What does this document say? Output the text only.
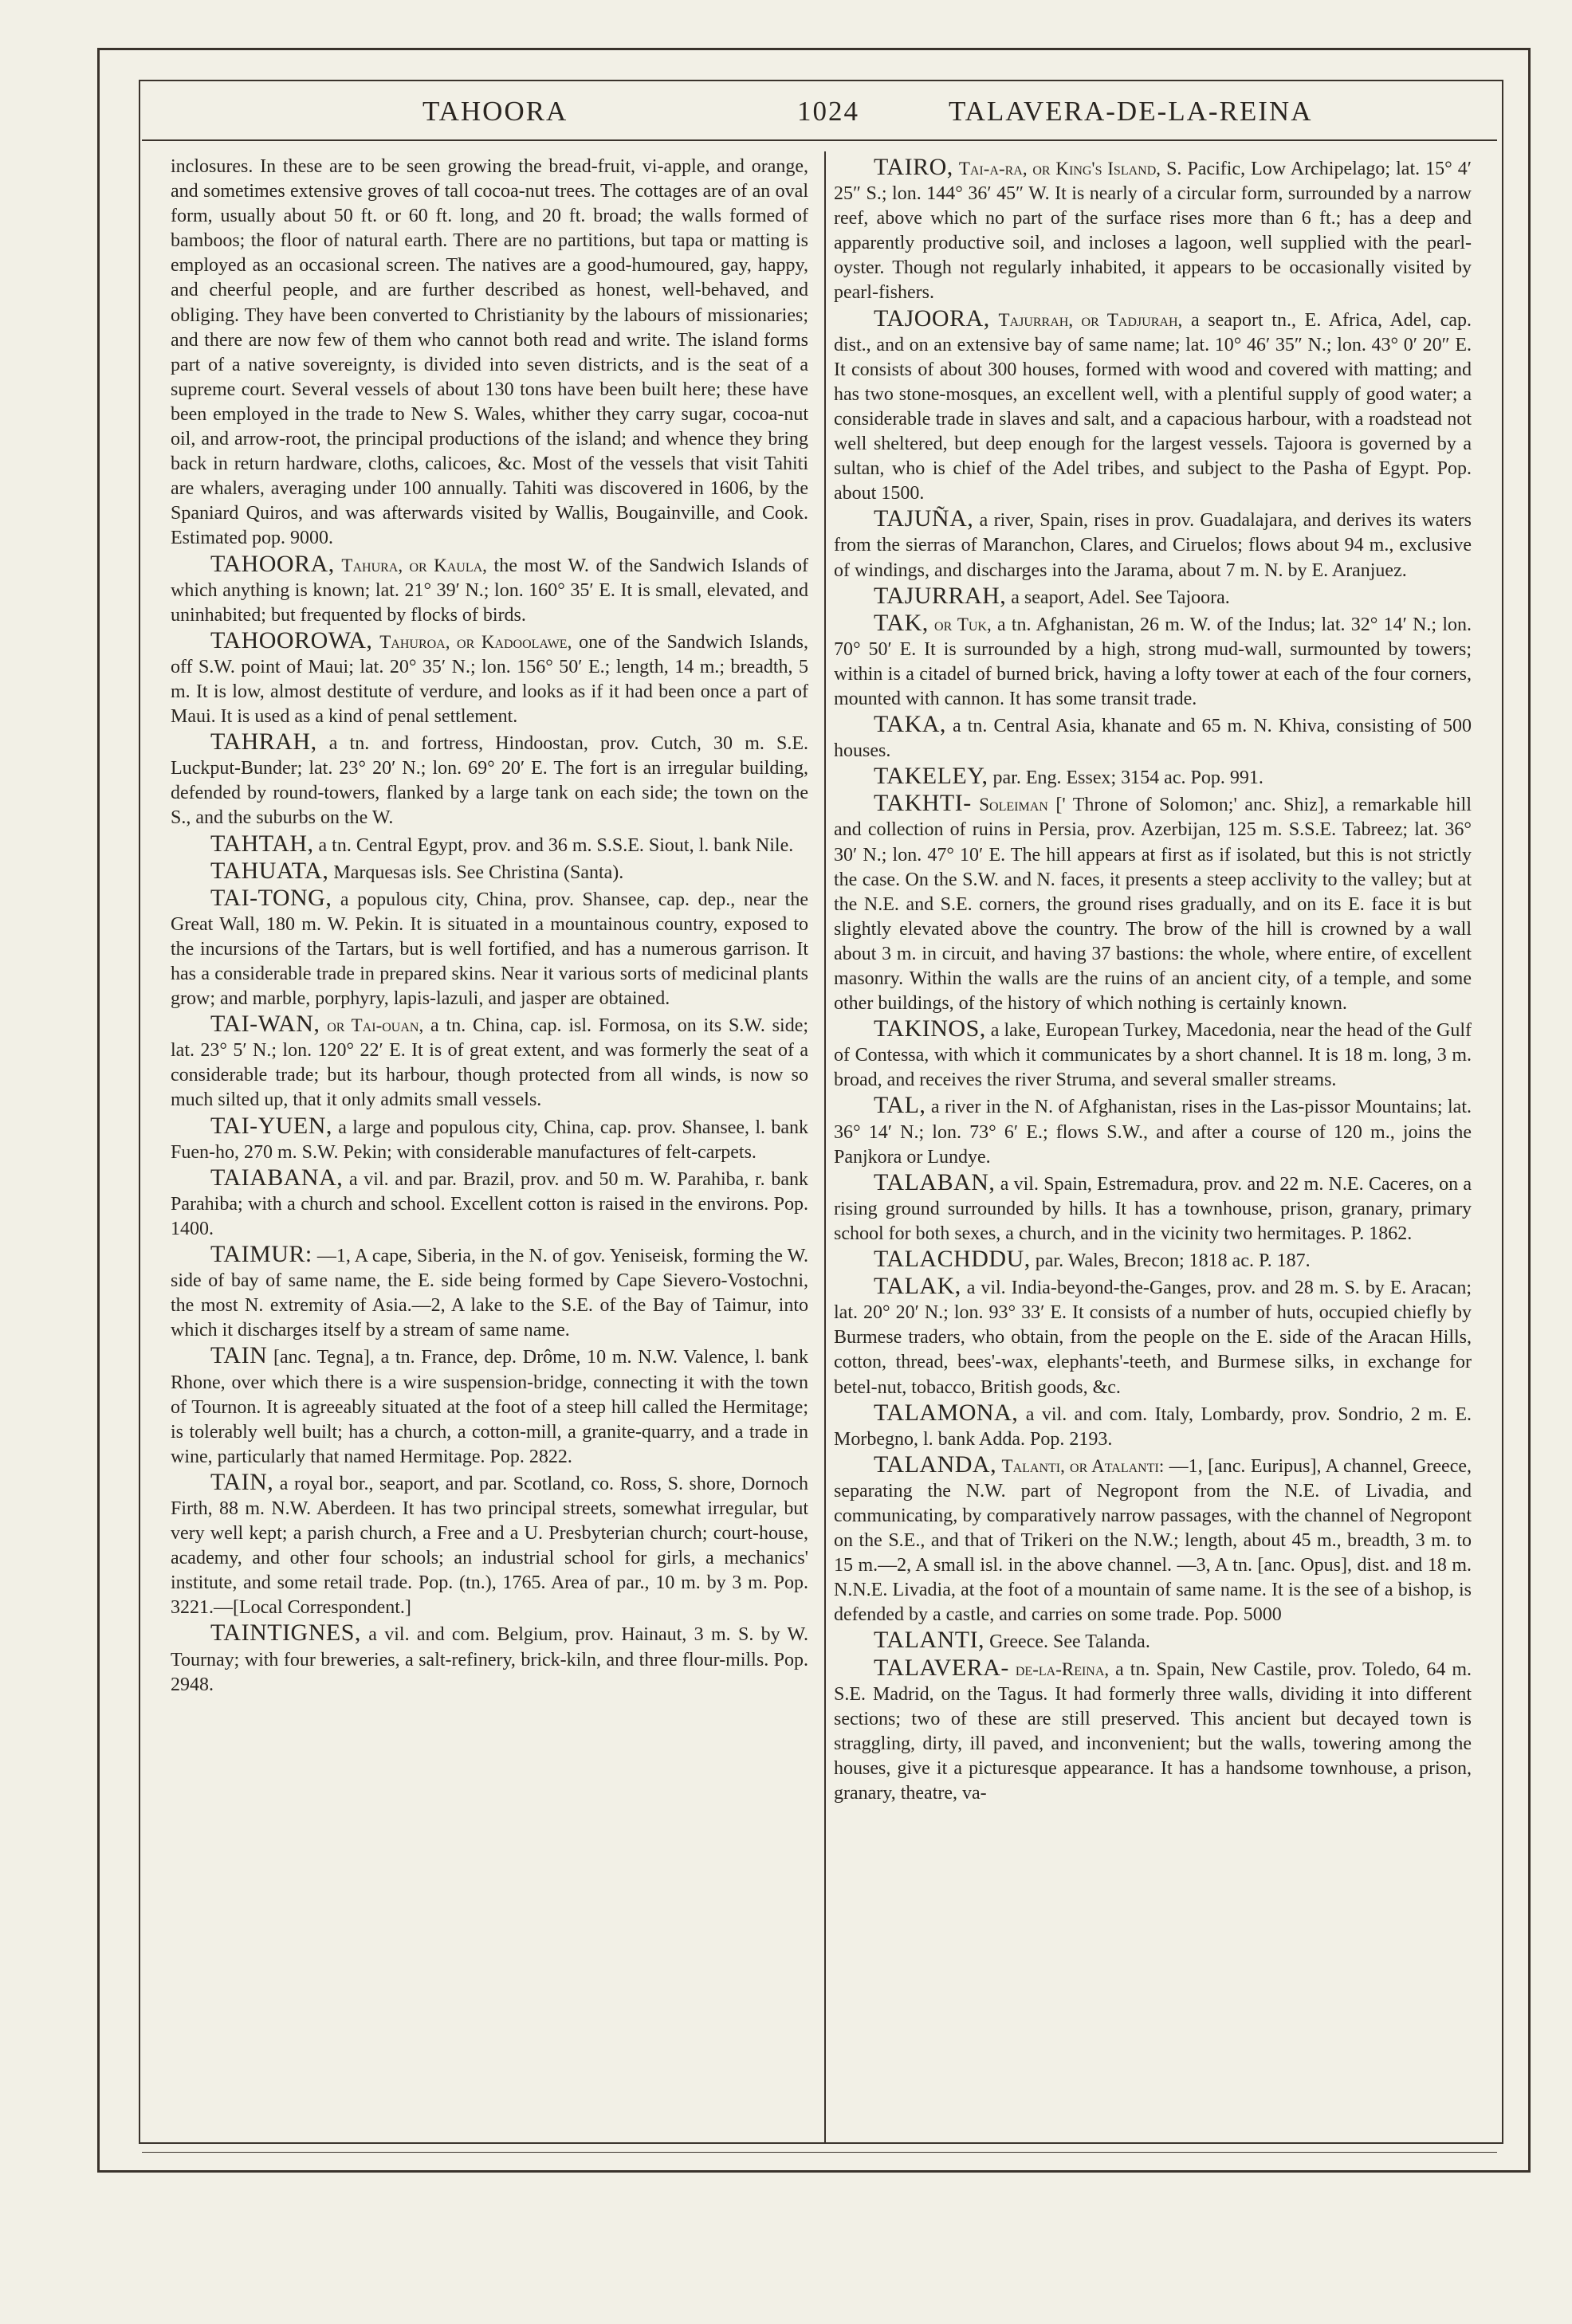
TAHOORA	1024	TALAVERA-DE-LA-REINA

inclosures. In these are to be seen growing the bread-fruit, vi-apple, and orange, and sometimes extensive groves of tall cocoa-nut trees. The cottages are of an oval form, usually about 50 ft. or 60 ft. long, and 20 ft. broad; the walls formed of bamboos; the floor of natural earth. There are no partitions, but tapa or matting is employed as an occasional screen. The natives are a good-humoured, gay, happy, and cheerful people, and are further described as honest, well-behaved, and obliging. They have been converted to Christianity by the labours of missionaries; and there are now few of them who cannot both read and write. The island forms part of a native sovereignty, is divided into seven districts, and is the seat of a supreme court. Several vessels of about 130 tons have been built here; these have been employed in the trade to New S. Wales, whither they carry sugar, cocoa-nut oil, and arrow-root, the principal productions of the island; and whence they bring back in return hardware, cloths, calicoes, &c. Most of the vessels that visit Tahiti are whalers, averaging under 100 annually. Tahiti was discovered in 1606, by the Spaniard Quiros, and was afterwards visited by Wallis, Bougainville, and Cook. Estimated pop. 9000.

TAHOORA, Tahura, or Kaula, the most W. of the Sandwich Islands of which anything is known; lat. 21° 39′ N.; lon. 160° 35′ E. It is small, elevated, and uninhabited; but frequented by flocks of birds.

TAHOOROWA, Tahuroa, or Kadoolawe, one of the Sandwich Islands, off S.W. point of Maui; lat. 20° 35′ N.; lon. 156° 50′ E.; length, 14 m.; breadth, 5 m. It is low, almost destitute of verdure, and looks as if it had been once a part of Maui. It is used as a kind of penal settlement.

TAHRAH, a tn. and fortress, Hindoostan, prov. Cutch, 30 m. S.E. Luckput-Bunder; lat. 23° 20′ N.; lon. 69° 20′ E. The fort is an irregular building, defended by round-towers, flanked by a large tank on each side; the town on the S., and the suburbs on the W.

TAHTAH, a tn. Central Egypt, prov. and 36 m. S.S.E. Siout, l. bank Nile.

TAHUATA, Marquesas isls. See Christina (Santa).

TAI-TONG, a populous city, China, prov. Shansee, cap. dep., near the Great Wall, 180 m. W. Pekin. It is situated in a mountainous country, exposed to the incursions of the Tartars, but is well fortified, and has a numerous garrison. It has a considerable trade in prepared skins. Near it various sorts of medicinal plants grow; and marble, porphyry, lapis-lazuli, and jasper are obtained.

TAI-WAN, or Tai-ouan, a tn. China, cap. isl. Formosa, on its S.W. side; lat. 23° 5′ N.; lon. 120° 22′ E. It is of great extent, and was formerly the seat of a considerable trade; but its harbour, though protected from all winds, is now so much silted up, that it only admits small vessels.

TAI-YUEN, a large and populous city, China, cap. prov. Shansee, l. bank Fuen-ho, 270 m. S.W. Pekin; with considerable manufactures of felt-carpets.

TAIABANA, a vil. and par. Brazil, prov. and 50 m. W. Parahiba, r. bank Parahiba; with a church and school. Excellent cotton is raised in the environs. Pop. 1400.

TAIMUR: —1, A cape, Siberia, in the N. of gov. Yeniseisk, forming the W. side of bay of same name, the E. side being formed by Cape Sievero-Vostochni, the most N. extremity of Asia.—2, A lake to the S.E. of the Bay of Taimur, into which it discharges itself by a stream of same name.

TAIN [anc. Tegna], a tn. France, dep. Drôme, 10 m. N.W. Valence, l. bank Rhone, over which there is a wire suspension-bridge, connecting it with the town of Tournon. It is agreeably situated at the foot of a steep hill called the Hermitage; is tolerably well built; has a church, a cotton-mill, a granite-quarry, and a trade in wine, particularly that named Hermitage. Pop. 2822.

TAIN, a royal bor., seaport, and par. Scotland, co. Ross, S. shore, Dornoch Firth, 88 m. N.W. Aberdeen. It has two principal streets, somewhat irregular, but very well kept; a parish church, a Free and a U. Presbyterian church; court-house, academy, and other four schools; an industrial school for girls, a mechanics' institute, and some retail trade. Pop. (tn.), 1765. Area of par., 10 m. by 3 m. Pop. 3221.—[Local Correspondent.]

TAINTIGNES, a vil. and com. Belgium, prov. Hainaut, 3 m. S. by W. Tournay; with four breweries, a salt-refinery, brick-kiln, and three flour-mills. Pop. 2948.

TAIRO, Tai-a-ra, or King's Island, S. Pacific, Low Archipelago; lat. 15° 4′ 25″ S.; lon. 144° 36′ 45″ W. It is nearly of a circular form, surrounded by a narrow reef, above which no part of the surface rises more than 6 ft.; has a deep and apparently productive soil, and incloses a lagoon, well supplied with the pearl-oyster. Though not regularly inhabited, it appears to be occasionally visited by pearl-fishers.

TAJOORA, Tajurrah, or Tadjurah, a seaport tn., E. Africa, Adel, cap. dist., and on an extensive bay of same name; lat. 10° 46′ 35″ N.; lon. 43° 0′ 20″ E. It consists of about 300 houses, formed with wood and covered with matting; and has two stone-mosques, an excellent well, with a plentiful supply of good water; a considerable trade in slaves and salt, and a capacious harbour, with a roadstead not well sheltered, but deep enough for the largest vessels. Tajoora is governed by a sultan, who is chief of the Adel tribes, and subject to the Pasha of Egypt. Pop. about 1500.

TAJUÑA, a river, Spain, rises in prov. Guadalajara, and derives its waters from the sierras of Maranchon, Clares, and Ciruelos; flows about 94 m., exclusive of windings, and discharges into the Jarama, about 7 m. N. by E. Aranjuez.

TAJURRAH, a seaport, Adel. See Tajoora.

TAK, or Tuk, a tn. Afghanistan, 26 m. W. of the Indus; lat. 32° 14′ N.; lon. 70° 50′ E. It is surrounded by a high, strong mud-wall, surmounted by towers; within is a citadel of burned brick, having a lofty tower at each of the four corners, mounted with cannon. It has some transit trade.

TAKA, a tn. Central Asia, khanate and 65 m. N. Khiva, consisting of 500 houses.

TAKELEY, par. Eng. Essex; 3154 ac. Pop. 991.

TAKHTI- Soleiman [' Throne of Solomon;' anc. Shiz], a remarkable hill and collection of ruins in Persia, prov. Azerbijan, 125 m. S.S.E. Tabreez; lat. 36° 30′ N.; lon. 47° 10′ E. The hill appears at first as if isolated, but this is not strictly the case. On the S.W. and N. faces, it presents a steep acclivity to the valley; but at the N.E. and S.E. corners, the ground rises gradually, and on its E. face it is but slightly elevated above the country. The brow of the hill is crowned by a wall about 3 m. in circuit, and having 37 bastions: the whole, where entire, of excellent masonry. Within the walls are the ruins of an ancient city, of a temple, and some other buildings, of the history of which nothing is certainly known.

TAKINOS, a lake, European Turkey, Macedonia, near the head of the Gulf of Contessa, with which it communicates by a short channel. It is 18 m. long, 3 m. broad, and receives the river Struma, and several smaller streams.

TAL, a river in the N. of Afghanistan, rises in the Las-pissor Mountains; lat. 36° 14′ N.; lon. 73° 6′ E.; flows S.W., and after a course of 120 m., joins the Panjkora or Lundye.

TALABAN, a vil. Spain, Estremadura, prov. and 22 m. N.E. Caceres, on a rising ground surrounded by hills. It has a townhouse, prison, granary, primary school for both sexes, a church, and in the vicinity two hermitages. P. 1862.

TALACHDDU, par. Wales, Brecon; 1818 ac. P. 187.

TALAK, a vil. India-beyond-the-Ganges, prov. and 28 m. S. by E. Aracan; lat. 20° 20′ N.; lon. 93° 33′ E. It consists of a number of huts, occupied chiefly by Burmese traders, who obtain, from the people on the E. side of the Aracan Hills, cotton, thread, bees'-wax, elephants'-teeth, and Burmese silks, in exchange for betel-nut, tobacco, British goods, &c.

TALAMONA, a vil. and com. Italy, Lombardy, prov. Sondrio, 2 m. E. Morbegno, l. bank Adda. Pop. 2193.

TALANDA, Talanti, or Atalanti: —1, [anc. Euripus], A channel, Greece, separating the N.W. part of Negropont from the N.E. of Livadia, and communicating, by comparatively narrow passages, with the channel of Negropont on the S.E., and that of Trikeri on the N.W.; length, about 45 m., breadth, 3 m. to 15 m.—2, A small isl. in the above channel. —3, A tn. [anc. Opus], dist. and 18 m. N.N.E. Livadia, at the foot of a mountain of same name. It is the see of a bishop, is defended by a castle, and carries on some trade. Pop. 5000

TALANTI, Greece. See Talanda.

TALAVERA- de-la-Reina, a tn. Spain, New Castile, prov. Toledo, 64 m. S.E. Madrid, on the Tagus. It had formerly three walls, dividing it into different sections; two of these are still preserved. This ancient but decayed town is straggling, dirty, ill paved, and inconvenient; but the walls, towering among the houses, give it a picturesque appearance. It has a handsome townhouse, a prison, granary, theatre, va-
